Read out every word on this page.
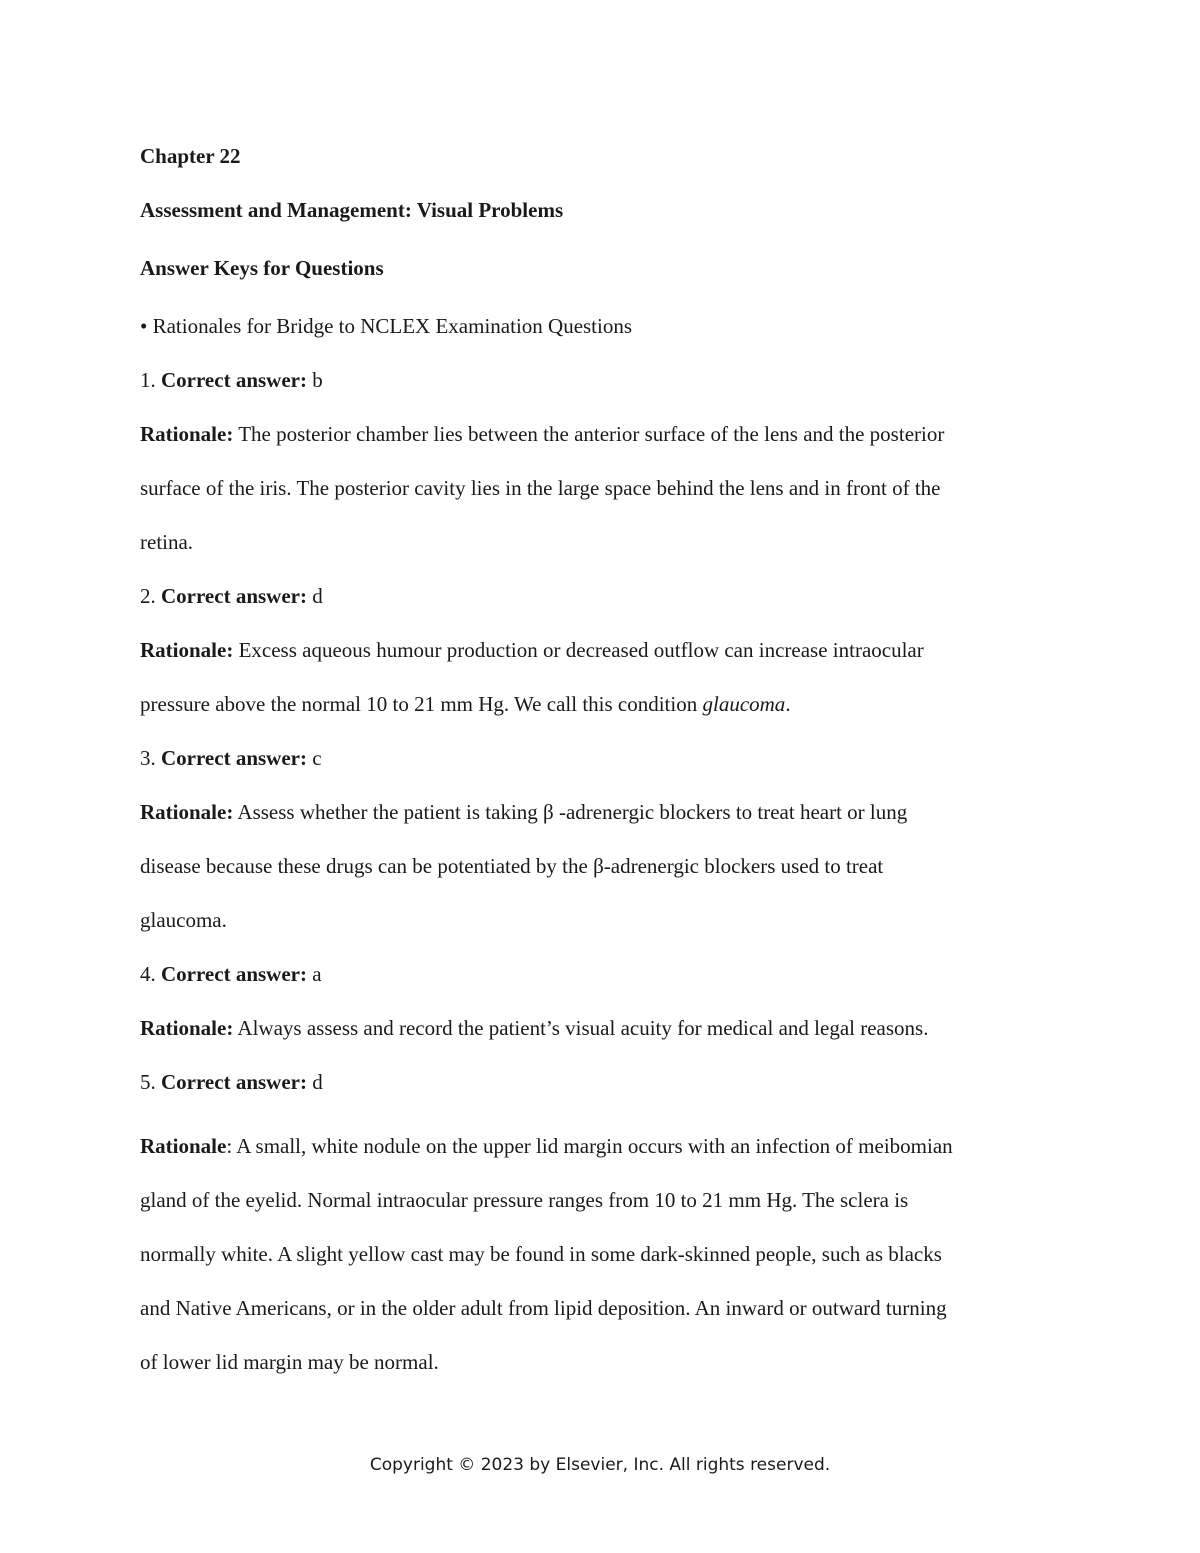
Chapter 22
Assessment and Management: Visual Problems
Answer Keys for Questions
• Rationales for Bridge to NCLEX Examination Questions
1. Correct answer: b
Rationale: The posterior chamber lies between the anterior surface of the lens and the posterior
surface of the iris. The posterior cavity lies in the large space behind the lens and in front of the
retina.
2. Correct answer: d
Rationale: Excess aqueous humour production or decreased outflow can increase intraocular
pressure above the normal 10 to 21 mm Hg. We call this condition glaucoma.
3. Correct answer: c
Rationale: Assess whether the patient is taking β -adrenergic blockers to treat heart or lung
disease because these drugs can be potentiated by the β-adrenergic blockers used to treat
glaucoma.
4. Correct answer: a
Rationale: Always assess and record the patient’s visual acuity for medical and legal reasons.
5. Correct answer: d
Rationale: A small, white nodule on the upper lid margin occurs with an infection of meibomian
gland of the eyelid. Normal intraocular pressure ranges from 10 to 21 mm Hg. The sclera is
normally white. A slight yellow cast may be found in some dark-skinned people, such as blacks
and Native Americans, or in the older adult from lipid deposition. An inward or outward turning
of lower lid margin may be normal.
Copyright © 2023 by Elsevier, Inc. All rights reserved.
